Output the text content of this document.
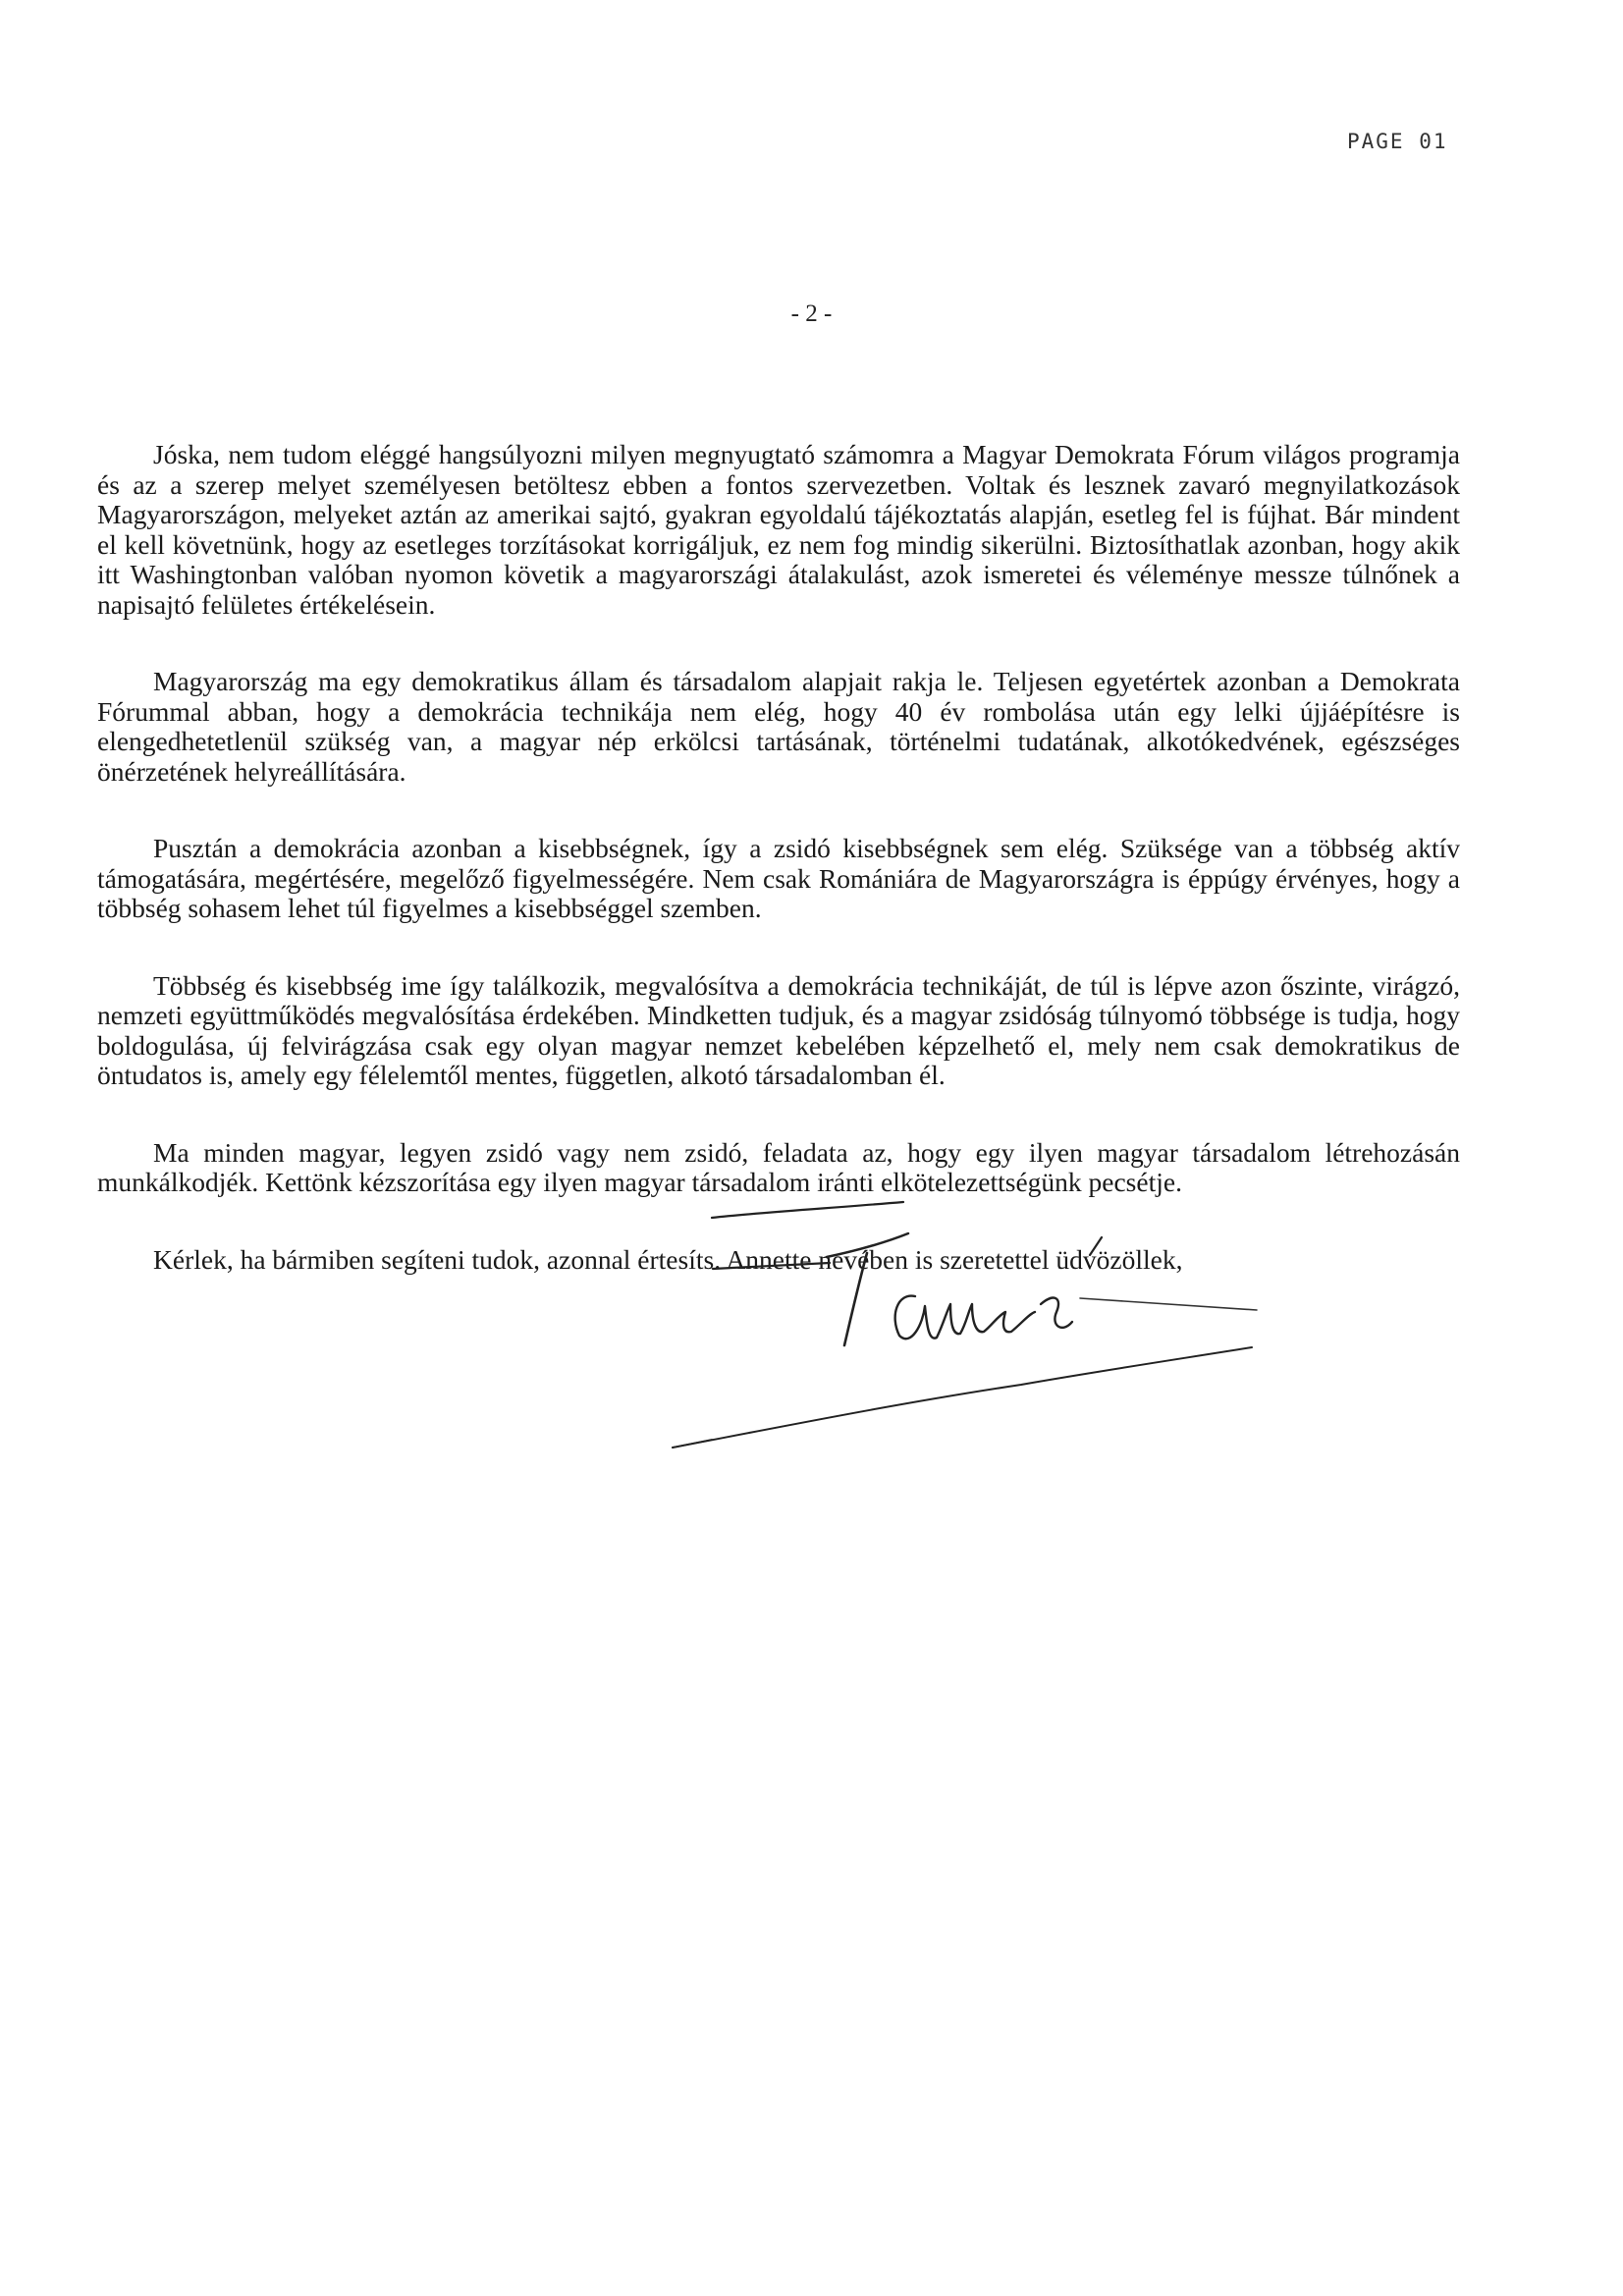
PAGE 01
- 2 -

Jóska, nem tudom eléggé hangsúlyozni milyen megnyugtató számomra a Magyar Demokrata Fórum világos programja és az a szerep melyet személyesen betöltesz ebben a fontos szervezetben. Voltak és lesznek zavaró megnyilatkozások Magyarországon, melyeket aztán az amerikai sajtó, gyakran egyoldalú tájékoztatás alapján, esetleg fel is fújhat. Bár mindent el kell követnünk, hogy az esetleges torzításokat korrigáljuk, ez nem fog mindig sikerülni. Biztosíthatlak azonban, hogy akik itt Washingtonban valóban nyomon követik a magyarországi átalakulást, azok ismeretei és véleménye messze túlnőnek a napisajtó felületes értékelésein.

Magyarország ma egy demokratikus állam és társadalom alapjait rakja le. Teljesen egyetértek azonban a Demokrata Fórummal abban, hogy a demokrácia technikája nem elég, hogy 40 év rombolása után egy lelki újjáépítésre is elengedhetetlenül szükség van, a magyar nép erkölcsi tartásának, történelmi tudatának, alkotókedvének, egészséges önérzetének helyreállítására.

Pusztán a demokrácia azonban a kisebbségnek, így a zsidó kisebbségnek sem elég. Szüksége van a többség aktív támogatására, megértésére, megelőző figyelmességére. Nem csak Romániára de Magyarországra is éppúgy érvényes, hogy a többség sohasem lehet túl figyelmes a kisebbséggel szemben.

Többség és kisebbség ime így találkozik, megvalósítva a demokrácia technikáját, de túl is lépve azon őszinte, virágzó, nemzeti együttműködés megvalósítása érdekében. Mindketten tudjuk, és a magyar zsidóság túlnyomó többsége is tudja, hogy boldogulása, új felvirágzása csak egy olyan magyar nemzet kebelében képzelhető el, mely nem csak demokratikus de öntudatos is, amely egy félelemtől mentes, független, alkotó társadalomban él.

Ma minden magyar, legyen zsidó vagy nem zsidó, feladata az, hogy egy ilyen magyar társadalom létrehozásán munkálkodjék. Kettönk kézszorítása egy ilyen magyar társadalom iránti elkötelezettségünk pecsétje.

Kérlek, ha bármiben segíteni tudok, azonnal értesíts. Annette nevében is szeretettel üdvözöllek,
